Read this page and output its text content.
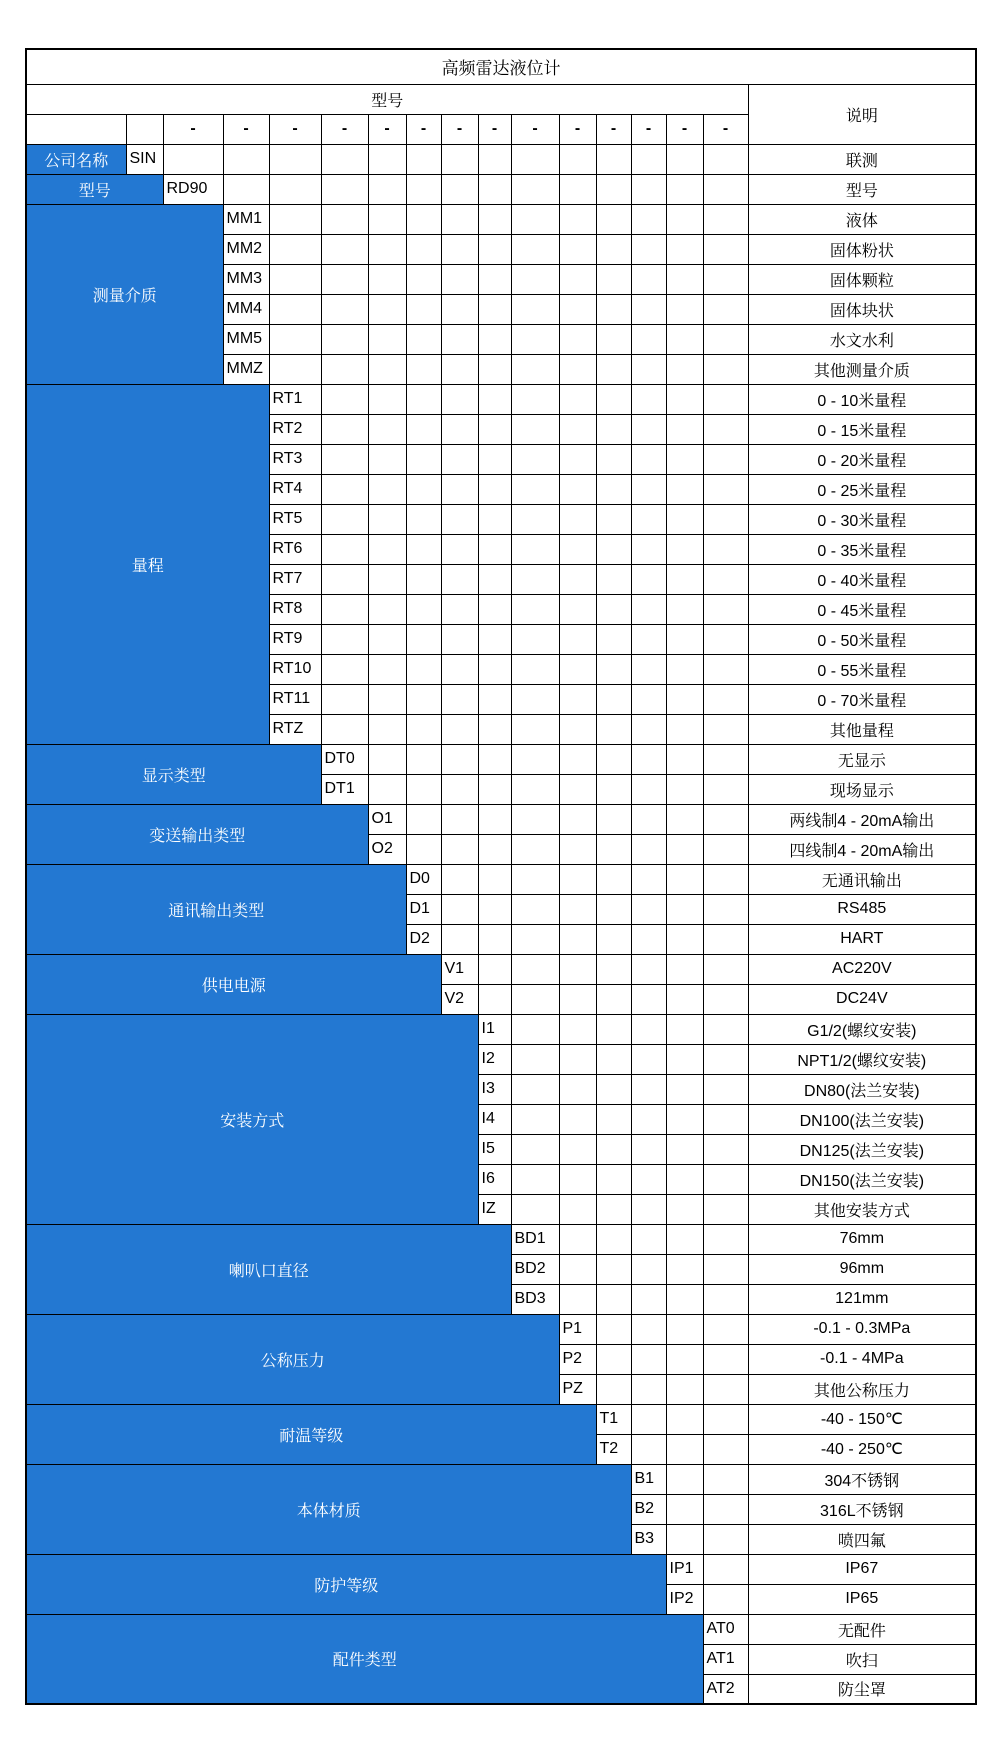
高频雷达液位计																
型号																说明
		-	-	-	-	-	-	-	-	-	-	-	-	-	-	
公司名称	SIN															联测
型号		RD90														型号
测量介质			MM1													液体
			MM2													固体粉状
			MM3													固体颗粒
			MM4													固体块状
			MM5													水文水利
			MMZ													其他测量介质
量程				RT1												0 - 10米量程
				RT2												0 - 15米量程
				RT3												0 - 20米量程
				RT4												0 - 25米量程
				RT5												0 - 30米量程
				RT6												0 - 35米量程
				RT7												0 - 40米量程
				RT8												0 - 45米量程
				RT9												0 - 50米量程
				RT10												0 - 55米量程
				RT11												0 - 70米量程
				RTZ												其他量程
显示类型					DT0											无显示
					DT1											现场显示
变送输出类型						O1										两线制4 - 20mA输出
						O2										四线制4 - 20mA输出
通讯输出类型							D0									无通讯输出
							D1									RS485
							D2									HART
供电电源								V1								AC220V
								V2								DC24V
安装方式									I1							G1/2(螺纹安装)
									I2							NPT1/2(螺纹安装)
									I3							DN80(法兰安装)
									I4							DN100(法兰安装)
									I5							DN125(法兰安装)
									I6							DN150(法兰安装)
									IZ							其他安装方式
喇叭口直径										BD1						76mm
										BD2						96mm
										BD3						121mm
公称压力											P1					-0.1 - 0.3MPa
											P2					-0.1 - 4MPa
											PZ					其他公称压力
耐温等级												T1				-40 - 150℃
												T2				-40 - 250℃
本体材质													B1			304不锈钢
													B2			316L不锈钢
													B3			喷四氟
防护等级														IP1		IP67
														IP2		IP65
配件类型															AT0	无配件
															AT1	吹扫
															AT2	防尘罩
